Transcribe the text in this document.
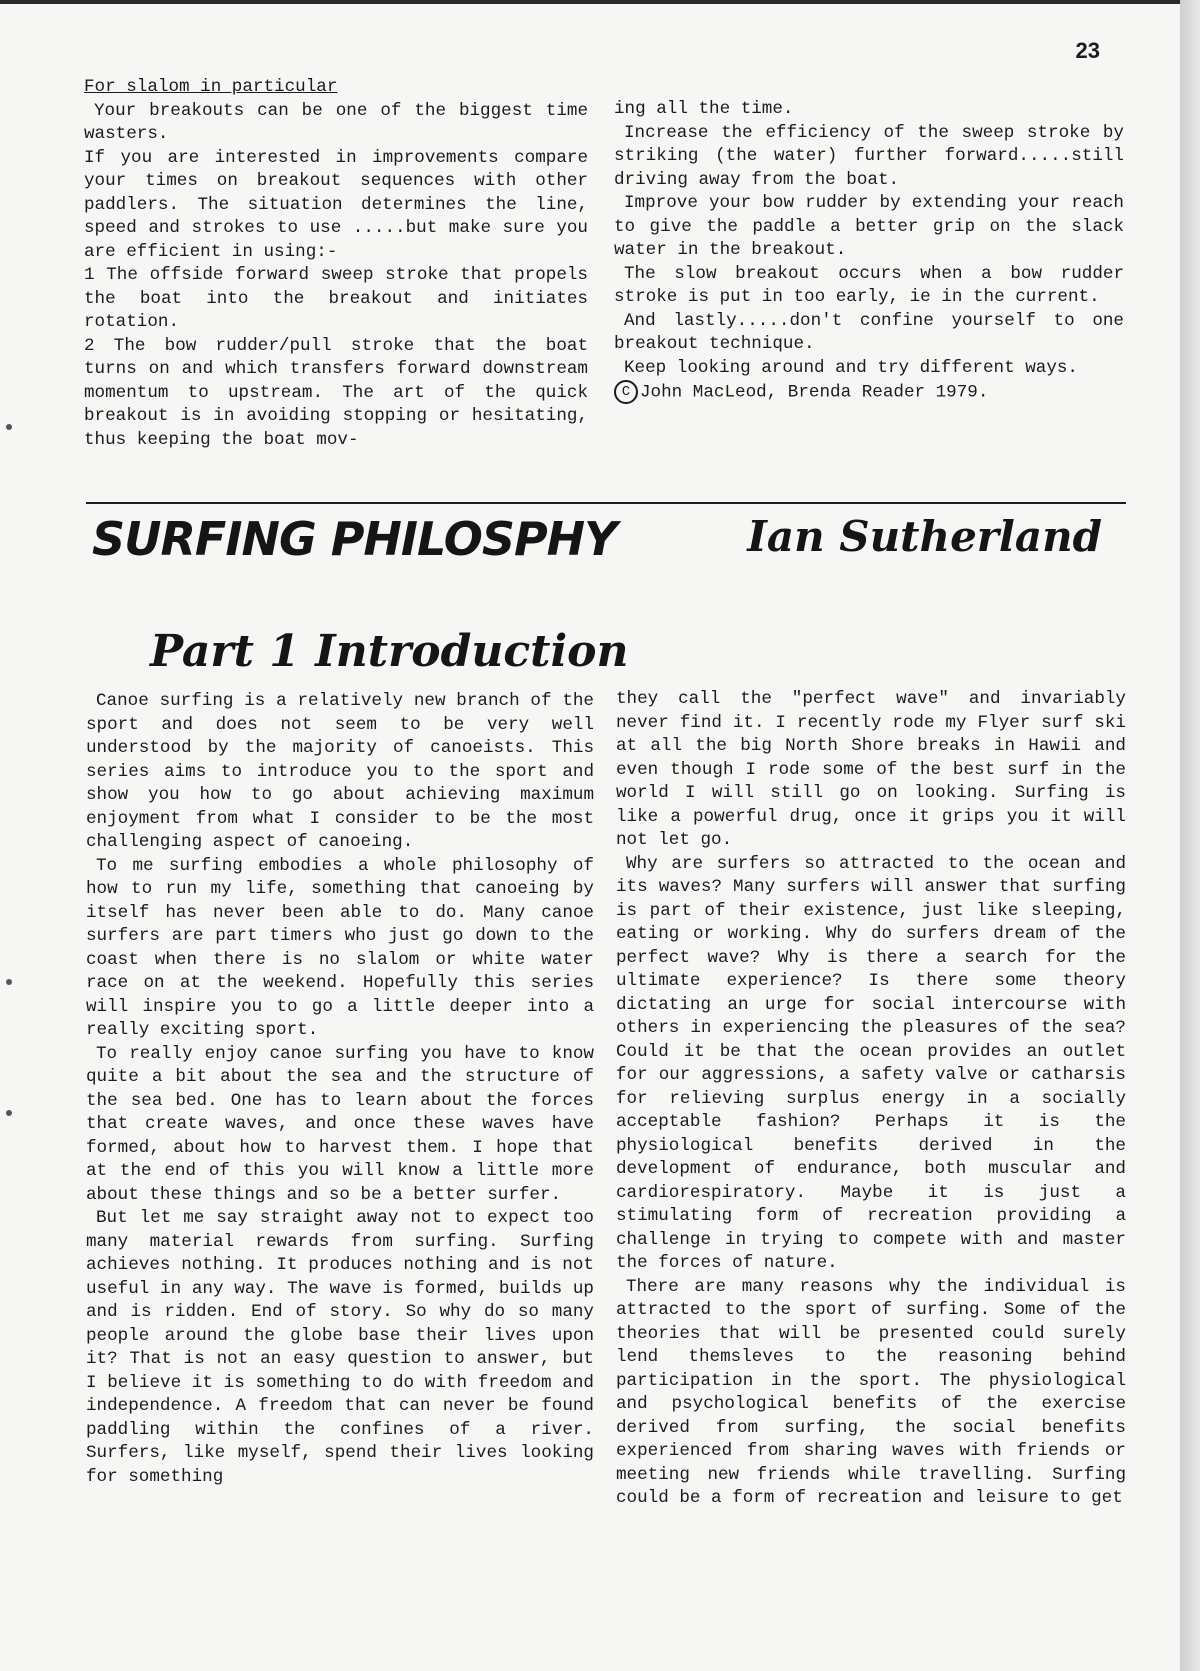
23
For slalom in particular

Your breakouts can be one of the biggest time wasters.

If you are interested in improvements compare your times on breakout sequences with other paddlers. The situation determines the line, speed and strokes to use .....but make sure you are efficient in using:-

1 The offside forward sweep stroke that propels the boat into the breakout and initiates rotation.

2 The bow rudder/pull stroke that the boat turns on and which transfers forward downstream momentum to upstream. The art of the quick breakout is in avoiding stopping or hesitating, thus keeping the boat mov-

ing all the time.

Increase the efficiency of the sweep stroke by striking (the water) further forward.....still driving away from the boat.

Improve your bow rudder by extending your reach to give the paddle a better grip on the slack water in the breakout.

The slow breakout occurs when a bow rudder stroke is put in too early, ie in the current.

And lastly.....don't confine yourself to one breakout technique.

Keep looking around and try different ways.

C John MacLeod, Brenda Reader 1979.

SURFING PHILOSPHY	Ian Sutherland
Part 1 Introduction

Canoe surfing is a relatively new branch of the sport and does not seem to be very well understood by the majority of canoeists. This series aims to introduce you to the sport and show you how to go about achieving maximum enjoyment from what I consider to be the most challenging aspect of canoeing.

To me surfing embodies a whole philosophy of how to run my life, something that canoeing by itself has never been able to do. Many canoe surfers are part timers who just go down to the coast when there is no slalom or white water race on at the weekend. Hopefully this series will inspire you to go a little deeper into a really exciting sport.

To really enjoy canoe surfing you have to know quite a bit about the sea and the structure of the sea bed. One has to learn about the forces that create waves, and once these waves have formed, about how to harvest them. I hope that at the end of this you will know a little more about these things and so be a better surfer.

But let me say straight away not to expect too many material rewards from surfing. Surfing achieves nothing. It produces nothing and is not useful in any way. The wave is formed, builds up and is ridden. End of story. So why do so many people around the globe base their lives upon it? That is not an easy question to answer, but I believe it is something to do with freedom and independence. A freedom that can never be found paddling within the confines of a river. Surfers, like myself, spend their lives looking for something

they call the "perfect wave" and invariably never find it. I recently rode my Flyer surf ski at all the big North Shore breaks in Hawii and even though I rode some of the best surf in the world I will still go on looking. Surfing is like a powerful drug, once it grips you it will not let go.

Why are surfers so attracted to the ocean and its waves? Many surfers will answer that surfing is part of their existence, just like sleeping, eating or working. Why do surfers dream of the perfect wave? Why is there a search for the ultimate experience? Is there some theory dictating an urge for social intercourse with others in experiencing the pleasures of the sea? Could it be that the ocean provides an outlet for our aggressions, a safety valve or catharsis for relieving surplus energy in a socially acceptable fashion? Perhaps it is the physiological benefits derived in the development of endurance, both muscular and cardiorespiratory. Maybe it is just a stimulating form of recreation providing a challenge in trying to compete with and master the forces of nature.

There are many reasons why the individual is attracted to the sport of surfing. Some of the theories that will be presented could surely lend themsleves to the reasoning behind participation in the sport. The physiological and psychological benefits of the exercise derived from surfing, the social benefits experienced from sharing waves with friends or meeting new friends while travelling. Surfing could be a form of recreation and leisure to get
